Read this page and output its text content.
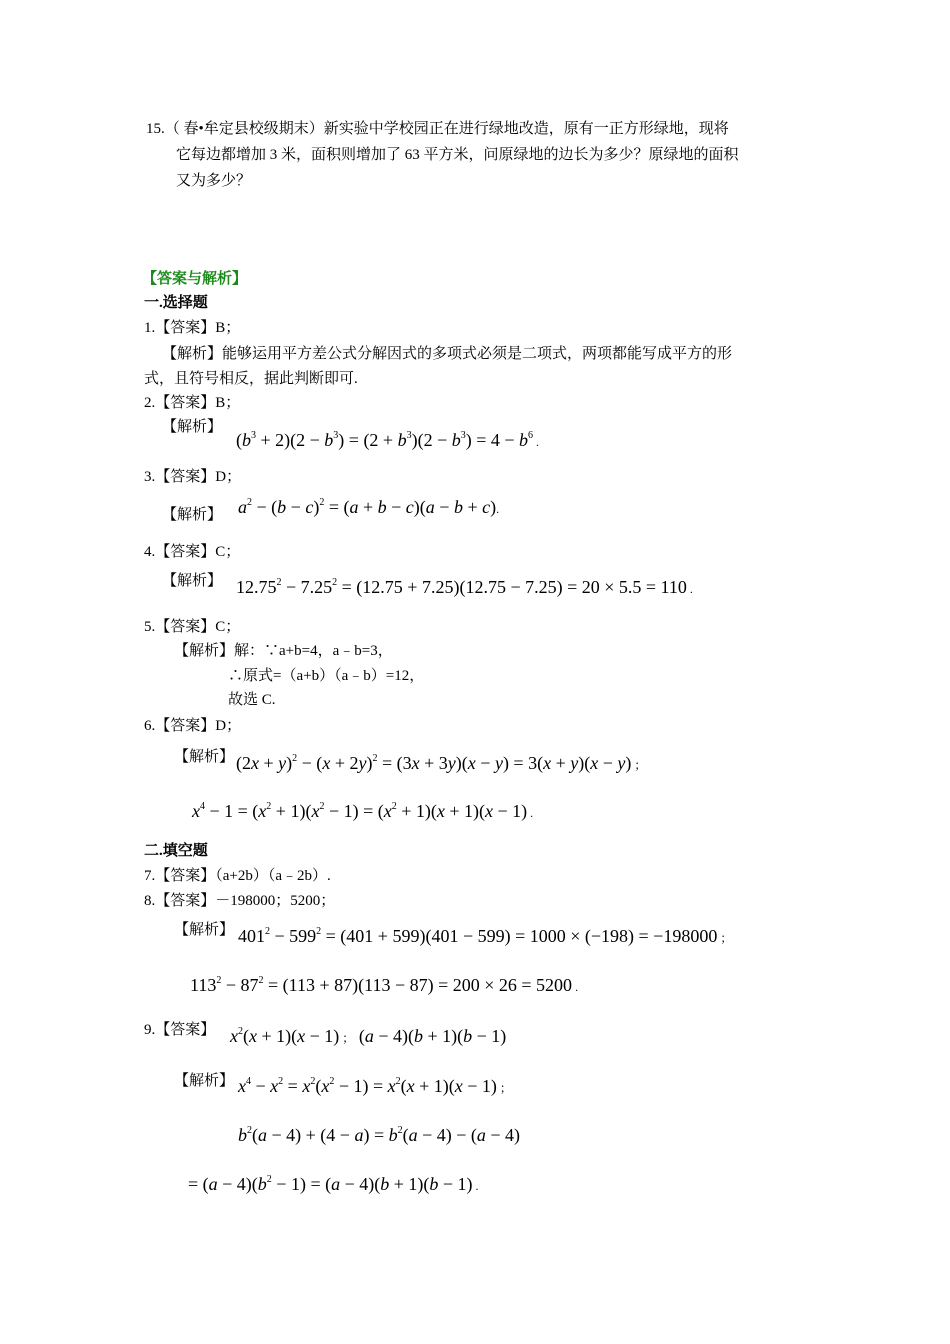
15.（ 春•牟定县校级期末）新实验中学校园正在进行绿地改造，原有一正方形绿地，现将
它每边都增加 3 米，面积则增加了 63 平方米，问原绿地的边长为多少？原绿地的面积
又为多少？
【答案与解析】
一.选择题
1.【答案】B；
【解析】能够运用平方差公式分解因式的多项式必须是二项式，两项都能写成平方的形
式，且符号相反，据此判断即可.
2.【答案】B；
【解析】
$(b^3 + 2)(2 - b^3) = (2 + b^3)(2 - b^3) = 4 - b^6$ .
3.【答案】D；
【解析】 $a^2 - (b - c)^2 = (a + b - c)(a - b + c)$.
4.【答案】C；
【解析】 $12.75^2 - 7.25^2 = (12.75 + 7.25)(12.75 - 7.25) = 20 \times 5.5 = 110$ .
5.【答案】C；
【解析】解：∵a+b=4，a﹣b=3，
∴原式=（a+b）（a﹣b）=12，
故选 C.
6.【答案】D；
【解析】 $(2x + y)^2 - (x + 2y)^2 = (3x + 3y)(x - y) = 3(x + y)(x - y)$ ；
$x^4 - 1 = (x^2 + 1)(x^2 - 1) = (x^2 + 1)(x + 1)(x - 1)$ .
二.填空题
7.【答案】（a+2b）（a﹣2b）.
8.【答案】－198000；5200；
【解析】 $401^2 - 599^2 = (401 + 599)(401 - 599) = 1000 \times (-198) = -198000$ ；
$113^2 - 87^2 = (113 + 87)(113 - 87) = 200 \times 26 = 5200$ .
9.【答案】 $x^2(x + 1)(x - 1)$ ； (a − 4)(b + 1)(b − 1)
【解析】 $x^4 - x^2 = x^2(x^2 - 1) = x^2(x + 1)(x - 1)$ ；
$b^2(a - 4) + (4 - a) = b^2(a - 4) - (a - 4)$
= $(a - 4)(b^2 - 1) = (a - 4)(b + 1)(b - 1)$ .
